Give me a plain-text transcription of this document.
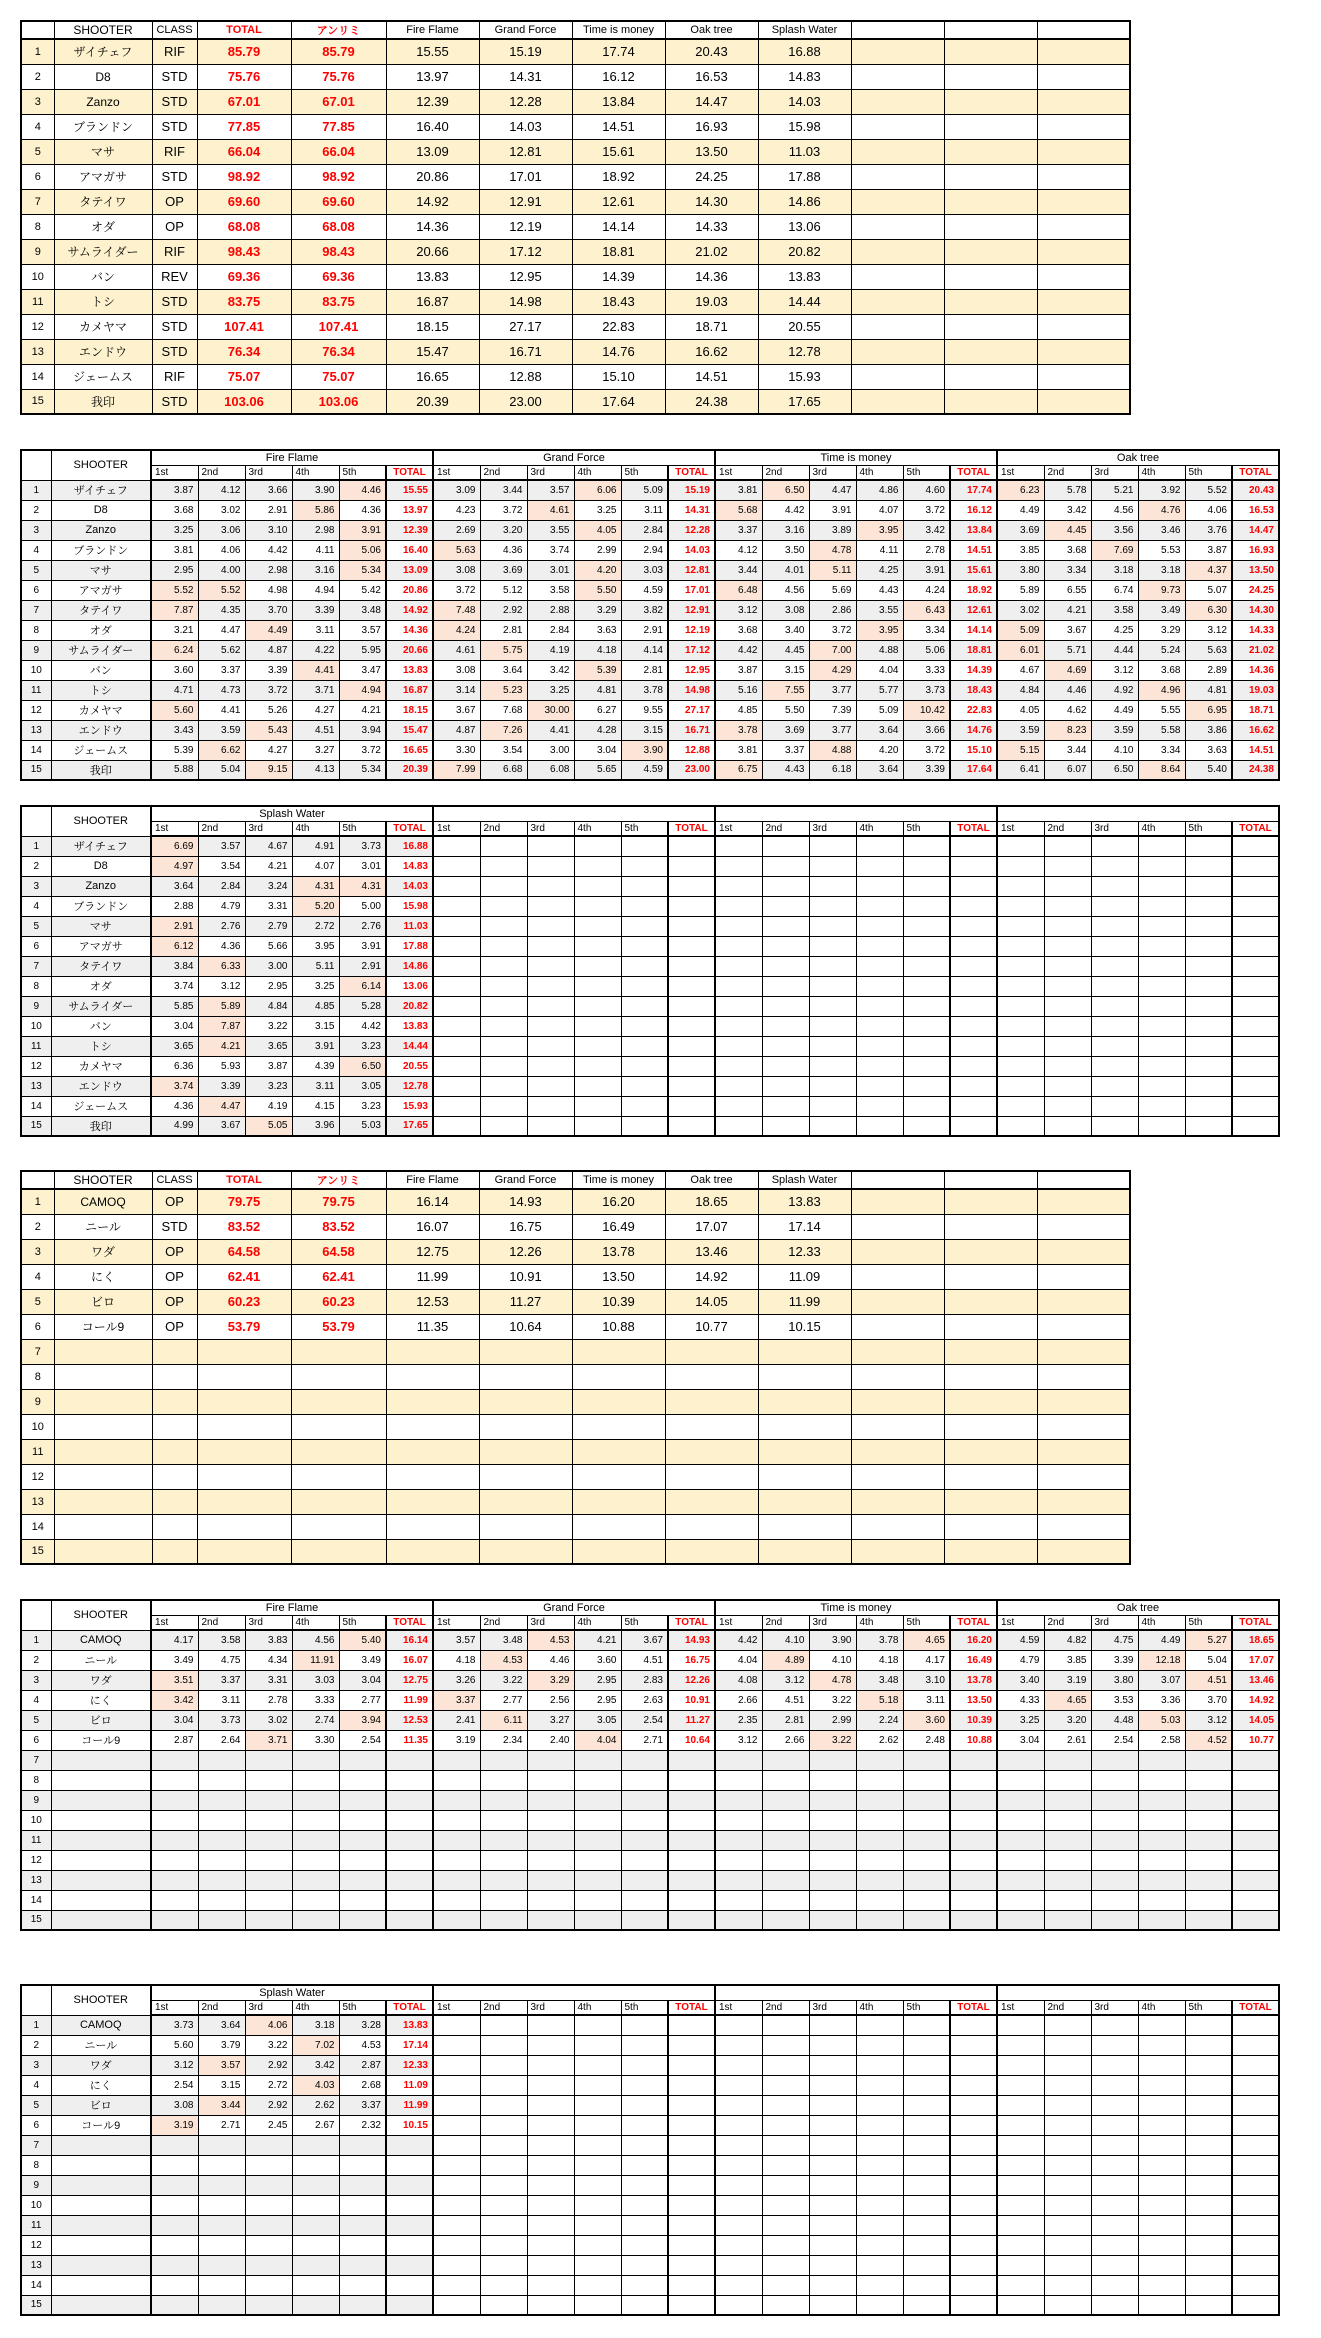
	SHOOTER	CLASS	TOTAL	アンリミ	Fire Flame	Grand Force	Time is money	Oak tree	Splash Water			
1	ザイチェフ	RIF	85.79	85.79	15.55	15.19	17.74	20.43	16.88			
2	D8	STD	75.76	75.76	13.97	14.31	16.12	16.53	14.83			
3	Zanzo	STD	67.01	67.01	12.39	12.28	13.84	14.47	14.03			
4	ブランドン	STD	77.85	77.85	16.40	14.03	14.51	16.93	15.98			
5	マサ	RIF	66.04	66.04	13.09	12.81	15.61	13.50	11.03			
6	アマガサ	STD	98.92	98.92	20.86	17.01	18.92	24.25	17.88			
7	タテイワ	OP	69.60	69.60	14.92	12.91	12.61	14.30	14.86			
8	オダ	OP	68.08	68.08	14.36	12.19	14.14	14.33	13.06			
9	サムライダー	RIF	98.43	98.43	20.66	17.12	18.81	21.02	20.82			
10	バン	REV	69.36	69.36	13.83	12.95	14.39	14.36	13.83			
11	トシ	STD	83.75	83.75	16.87	14.98	18.43	19.03	14.44			
12	カメヤマ	STD	107.41	107.41	18.15	27.17	22.83	18.71	20.55			
13	エンドウ	STD	76.34	76.34	15.47	16.71	14.76	16.62	12.78			
14	ジェームス	RIF	75.07	75.07	16.65	12.88	15.10	14.51	15.93			
15	我印	STD	103.06	103.06	20.39	23.00	17.64	24.38	17.65			
	SHOOTER	Fire Flame						Grand Force						Time is money						Oak tree					
		1st	2nd	3rd	4th	5th	TOTAL	1st	2nd	3rd	4th	5th	TOTAL	1st	2nd	3rd	4th	5th	TOTAL	1st	2nd	3rd	4th	5th	TOTAL
1	ザイチェフ	3.87	4.12	3.66	3.90	4.46	15.55	3.09	3.44	3.57	6.06	5.09	15.19	3.81	6.50	4.47	4.86	4.60	17.74	6.23	5.78	5.21	3.92	5.52	20.43
2	D8	3.68	3.02	2.91	5.86	4.36	13.97	4.23	3.72	4.61	3.25	3.11	14.31	5.68	4.42	3.91	4.07	3.72	16.12	4.49	3.42	4.56	4.76	4.06	16.53
3	Zanzo	3.25	3.06	3.10	2.98	3.91	12.39	2.69	3.20	3.55	4.05	2.84	12.28	3.37	3.16	3.89	3.95	3.42	13.84	3.69	4.45	3.56	3.46	3.76	14.47
4	ブランドン	3.81	4.06	4.42	4.11	5.06	16.40	5.63	4.36	3.74	2.99	2.94	14.03	4.12	3.50	4.78	4.11	2.78	14.51	3.85	3.68	7.69	5.53	3.87	16.93
5	マサ	2.95	4.00	2.98	3.16	5.34	13.09	3.08	3.69	3.01	4.20	3.03	12.81	3.44	4.01	5.11	4.25	3.91	15.61	3.80	3.34	3.18	3.18	4.37	13.50
6	アマガサ	5.52	5.52	4.98	4.94	5.42	20.86	3.72	5.12	3.58	5.50	4.59	17.01	6.48	4.56	5.69	4.43	4.24	18.92	5.89	6.55	6.74	9.73	5.07	24.25
7	タテイワ	7.87	4.35	3.70	3.39	3.48	14.92	7.48	2.92	2.88	3.29	3.82	12.91	3.12	3.08	2.86	3.55	6.43	12.61	3.02	4.21	3.58	3.49	6.30	14.30
8	オダ	3.21	4.47	4.49	3.11	3.57	14.36	4.24	2.81	2.84	3.63	2.91	12.19	3.68	3.40	3.72	3.95	3.34	14.14	5.09	3.67	4.25	3.29	3.12	14.33
9	サムライダー	6.24	5.62	4.87	4.22	5.95	20.66	4.61	5.75	4.19	4.18	4.14	17.12	4.42	4.45	7.00	4.88	5.06	18.81	6.01	5.71	4.44	5.24	5.63	21.02
10	バン	3.60	3.37	3.39	4.41	3.47	13.83	3.08	3.64	3.42	5.39	2.81	12.95	3.87	3.15	4.29	4.04	3.33	14.39	4.67	4.69	3.12	3.68	2.89	14.36
11	トシ	4.71	4.73	3.72	3.71	4.94	16.87	3.14	5.23	3.25	4.81	3.78	14.98	5.16	7.55	3.77	5.77	3.73	18.43	4.84	4.46	4.92	4.96	4.81	19.03
12	カメヤマ	5.60	4.41	5.26	4.27	4.21	18.15	3.67	7.68	30.00	6.27	9.55	27.17	4.85	5.50	7.39	5.09	10.42	22.83	4.05	4.62	4.49	5.55	6.95	18.71
13	エンドウ	3.43	3.59	5.43	4.51	3.94	15.47	4.87	7.26	4.41	4.28	3.15	16.71	3.78	3.69	3.77	3.64	3.66	14.76	3.59	8.23	3.59	5.58	3.86	16.62
14	ジェームス	5.39	6.62	4.27	3.27	3.72	16.65	3.30	3.54	3.00	3.04	3.90	12.88	3.81	3.37	4.88	4.20	3.72	15.10	5.15	3.44	4.10	3.34	3.63	14.51
15	我印	5.88	5.04	9.15	4.13	5.34	20.39	7.99	6.68	6.08	5.65	4.59	23.00	6.75	4.43	6.18	3.64	3.39	17.64	6.41	6.07	6.50	8.64	5.40	24.38
	SHOOTER	Splash Water																							
		1st	2nd	3rd	4th	5th	TOTAL	1st	2nd	3rd	4th	5th	TOTAL	1st	2nd	3rd	4th	5th	TOTAL	1st	2nd	3rd	4th	5th	TOTAL
1	ザイチェフ	6.69	3.57	4.67	4.91	3.73	16.88																		
2	D8	4.97	3.54	4.21	4.07	3.01	14.83																		
3	Zanzo	3.64	2.84	3.24	4.31	4.31	14.03																		
4	ブランドン	2.88	4.79	3.31	5.20	5.00	15.98																		
5	マサ	2.91	2.76	2.79	2.72	2.76	11.03																		
6	アマガサ	6.12	4.36	5.66	3.95	3.91	17.88																		
7	タテイワ	3.84	6.33	3.00	5.11	2.91	14.86																		
8	オダ	3.74	3.12	2.95	3.25	6.14	13.06																		
9	サムライダー	5.85	5.89	4.84	4.85	5.28	20.82																		
10	バン	3.04	7.87	3.22	3.15	4.42	13.83																		
11	トシ	3.65	4.21	3.65	3.91	3.23	14.44																		
12	カメヤマ	6.36	5.93	3.87	4.39	6.50	20.55																		
13	エンドウ	3.74	3.39	3.23	3.11	3.05	12.78																		
14	ジェームス	4.36	4.47	4.19	4.15	3.23	15.93																		
15	我印	4.99	3.67	5.05	3.96	5.03	17.65																		
	SHOOTER	CLASS	TOTAL	アンリミ	Fire Flame	Grand Force	Time is money	Oak tree	Splash Water			
1	CAMOQ	OP	79.75	79.75	16.14	14.93	16.20	18.65	13.83			
2	ニール	STD	83.52	83.52	16.07	16.75	16.49	17.07	17.14			
3	ワダ	OP	64.58	64.58	12.75	12.26	13.78	13.46	12.33			
4	にく	OP	62.41	62.41	11.99	10.91	13.50	14.92	11.09			
5	ビロ	OP	60.23	60.23	12.53	11.27	10.39	14.05	11.99			
6	コール9	OP	53.79	53.79	11.35	10.64	10.88	10.77	10.15			
7												
8												
9												
10												
11												
12												
13												
14												
15												
	SHOOTER	Fire Flame						Grand Force						Time is money						Oak tree					
		1st	2nd	3rd	4th	5th	TOTAL	1st	2nd	3rd	4th	5th	TOTAL	1st	2nd	3rd	4th	5th	TOTAL	1st	2nd	3rd	4th	5th	TOTAL
1	CAMOQ	4.17	3.58	3.83	4.56	5.40	16.14	3.57	3.48	4.53	4.21	3.67	14.93	4.42	4.10	3.90	3.78	4.65	16.20	4.59	4.82	4.75	4.49	5.27	18.65
2	ニール	3.49	4.75	4.34	11.91	3.49	16.07	4.18	4.53	4.46	3.60	4.51	16.75	4.04	4.89	4.10	4.18	4.17	16.49	4.79	3.85	3.39	12.18	5.04	17.07
3	ワダ	3.51	3.37	3.31	3.03	3.04	12.75	3.26	3.22	3.29	2.95	2.83	12.26	4.08	3.12	4.78	3.48	3.10	13.78	3.40	3.19	3.80	3.07	4.51	13.46
4	にく	3.42	3.11	2.78	3.33	2.77	11.99	3.37	2.77	2.56	2.95	2.63	10.91	2.66	4.51	3.22	5.18	3.11	13.50	4.33	4.65	3.53	3.36	3.70	14.92
5	ビロ	3.04	3.73	3.02	2.74	3.94	12.53	2.41	6.11	3.27	3.05	2.54	11.27	2.35	2.81	2.99	2.24	3.60	10.39	3.25	3.20	4.48	5.03	3.12	14.05
6	コール9	2.87	2.64	3.71	3.30	2.54	11.35	3.19	2.34	2.40	4.04	2.71	10.64	3.12	2.66	3.22	2.62	2.48	10.88	3.04	2.61	2.54	2.58	4.52	10.77
7																									
8																									
9																									
10																									
11																									
12																									
13																									
14																									
15																									
	SHOOTER	Splash Water																							
		1st	2nd	3rd	4th	5th	TOTAL	1st	2nd	3rd	4th	5th	TOTAL	1st	2nd	3rd	4th	5th	TOTAL	1st	2nd	3rd	4th	5th	TOTAL
1	CAMOQ	3.73	3.64	4.06	3.18	3.28	13.83																		
2	ニール	5.60	3.79	3.22	7.02	4.53	17.14																		
3	ワダ	3.12	3.57	2.92	3.42	2.87	12.33																		
4	にく	2.54	3.15	2.72	4.03	2.68	11.09																		
5	ビロ	3.08	3.44	2.92	2.62	3.37	11.99																		
6	コール9	3.19	2.71	2.45	2.67	2.32	10.15																		
7																									
8																									
9																									
10																									
11																									
12																									
13																									
14																									
15																									
